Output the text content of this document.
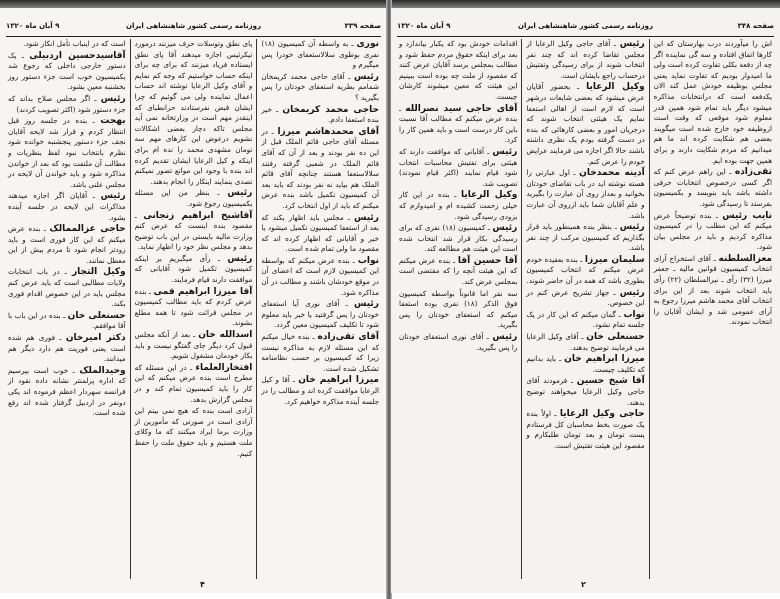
صفحه ۳۳۹
روزنامه رسمی کشور شاهنشاهی ایران
۹ آبان ماه ۱۳۲۰

نوری ـ به واسطه آن کمیسیون (۱۸) نفری بوطوی سلالاستعفای خودرا پس میگیرم و

رئیس ـ آقای حاجی محمد کریمخان شمامم بطریه استعفای خودتان را پس بگیرید ؟

حاجی محمد کریمخان ـ خیر بنده استعفا دادم.

آقای محمدهاشم میرزا ـ در مسئله آقای حاجی قائم الملک قبل از این ده نفر بودند و بعد از آن که آقای قائم الملک در شعبی گرفته رفتند سلالاستعفا هستند چنانچه آقای قائم الملک هم بیاید نه نفر بودند که باید بعد آن کمیسیون تکمیل باشد بنده عرض میکنم که باید از اول انتخاب کرد.

رئیس ـ مجلس باید اظهار بکند که بعد از استعفا کمیسیون تکمیل میشود یا خیر و آقایانی که اظهار کرده اند که مقصود ما ولی تمام شده است.

نواب ـ بنده عرض میکنم که بواسطه این کمیسیون لازم است که اعضای آن در موقع خودشان باشند و مطالب در آن مذاکره شود.

رئیس ـ آقای نوری آیا استعفای خودتان را پس گرفتید یا خیر باید معلوم شود تا تکلیف کمیسیون معین گردد.

آقای تقی‌زاده ـ بنده خیال میکنم که این مسئله لازم به مذاکره نیست زیرا که کمیسیون بر حسب نظامنامه تشکیل شده است.

میرزا ابراهیم خان ـ آقا و کیل الرعایا موافقت کرده اند و مطالب را در جلسه آینده مذاکره خواهیم کرد.

پای نطق وتوسلات حرف میزنند درمورد تیکرئیس اجازه میدهند آقا پای نطق ایستاده فریاد میزنند که برای چه برای اینکه حساب خواستیم که وجه کم نمایم و آقای وکیل الرعایا نوشته اند حساب اعمال نماینده ولی می گوئیم که چرا ایشان قبض نفرستادند حرانطبای که اینقدر مهم است در وزارتخانه نمی آید مجلس تاکه دچار بعضی اشکالات نشویم درعوض این کارهای مهم سه تومان مشهدی محمد را نده ام برای اینکه و کیل الرعایا ایشان تقدیم کرده اند بنده با وجود این موانع تصور نمیکنم تصدی بنمایند اینکار را انجام بدهند.

رئیس ـ بنظر من این مسئله بکمیسیون رجوع شود.

آقاشیخ ابراهیم زنجانی ـ مقصود بنده اینست که عرض کنم وزارت مالیه بایستی در این باب توضیح بدهد و مجلس نظر خود را اظهار نماید.

رئیس ـ رأی میگیریم بر اینکه کمیسیون تکمیل شود آقایانی که موافقت دارند قیام فرمایند.

آقا میرزا ابراهیم قمی ـ بنده عرض کردم که باید مطالب کمیسیون در مجلس قرائت شود تا همه مطلع بشوند.

اسدالله خان ـ بعد از آنکه مجلس قبول کرد دیگر جای گفتگو نیست و باید بکار خودمان مشغول شویم.

افتخارالعلماء ـ در این مسئله که مطرح است بنده عرض میکنم که این کار را باید کمیسیون تمام کند و در مجلس گزارش بدهد.

آزادی است بنده که هیچ نمی بینم این آزادی است در صورتی که مأمورین از وزارت برما ایراد میکنند که ما وکلای ملت هستیم و باید حقوق ملت را حفظ کنیم.

است که در اینباب تأمل انکار شود.

آقاسیدحسین اردبیلی ـ یک دستور خارجی داخلی که رجوع شد بکمیسیون خوب است جزء دستور روز بخشنبه معین بشود.

رئیس ـ اگر مجلس صلاح بداند که جزء دستور شود (اکثر تصویب کردند)

بهجت ـ بنده در جلسه روز قبل انتظار کردم و قرار شد لایحه آقایان نجف جزء دستور پنجشنبه خوانده شود نظرم بانتخاب نبود لفظ بنظریات و مطالب آن ملتفت بود که بعد از خواندن مذاکره شود و باید خواندن آن لایحه در مجلس علنی باشد.

رئیس ـ آقایان اگر اجازه میدهند مذاکرات این لایحه در جلسه آینده بشود.

حاجی عزالممالک ـ بنده عرض میکنم که این کار فوری است و باید زودتر انجام شود تا مردم بیش از این معطل نمانند.

وکیل التجار ـ در باب انتخابات ولایات مطالبی است که باید عرض کنم مجلس باید در این خصوص اقدام فوری بکند.

حسنعلی خان ـ بنده در این باب با آقا موافقم.

دکتر امیرخان ـ فوری هم شده است یعنی فوریت هم دارد دیگر هم میدانند.

وحیدالملک ـ خوب است بپرسیم که اداره پرلمنتر نشانه داده نقود از فرانسه سهردار اعظم فرموده اند یکی دونفر در اردبیل گرفتار شده اند رفع شده است.

۴
صفحه ۳۴۸
روزنامه رسمی کشور شاهنشاهی ایران
۹ آبان ماه ۱۳۲۰

اش را میآوردند درب بهارستان که این کارها اتفاق افتاده و سه گی نماینده اگر چه از دفعه بکلی تفاوت کرده است ولی ما امیدوار بودیم که تفاوت نماید یعنی مجلس بوظیفه خودش عمل کند الان یکدفعه است که درانتخابات مذاکره میشود دیگر باید تمام شود همین قدر معلوم شود موقعی که وقت است ازوظیفه خود خارج شده است میگویند بعضی هم شکایت کرده اند ما هم میدانیم که مردم شکایت دارند و برای همین جهت بوده ایم.

تقی‌زاده ـ این راهم عرض کنم که اگر کسی درخصوص انتخابات حرفی داشته باشد باید بنویسد و بکمیسیون بفرستد تا رسیدگی شود.

نایب رئیس ـ بنده توضیحاً عرض میکنم که این مطلب را در کمیسیون مذاکره کردیم و باید در مجلس بیان شود.

معزالسلطنه ـ آقای استخراج آرای انتخاب کمیسیون قوانین مالیه ـ جعفر میرزا (۳۲) رأی ـ نیرالسلطان (۲۲) رأی باید انتخاب شوند بعد از این برای انتخاب آقای محمد هاشم میرزا رجوع به آرای عمومی شد و ایشان آقایان را انتخاب نمودند.

رئیس ـ آقای حاجی وکیل الرعایا از مجلس تقاضا کرده اند که چند نفر انتخاب شوند از برای رسیدگی وتفتیش درحساب راجع بایشان است.

وکیل الرعایا ـ بحضور آقایان عرض میشود که بعضی شایعات درشهر است که لازم است از اهالی استعفا نمایم یک هیئتی انتخاب شوند که درجریان امور و بعضی کارهائی که بنده در دست گرفته بودم یک نظری داشته باشند حالا اگر اجازه می فرمایند عرایض خودم را عرض کنم.

آدینه محمدخان ـ اول عبارتی را هسته نوشته اید در باب تقاضای خودتان بخوانید و بعداز روی آن عبارت را بگیرید و علم آقایان شما باید ازروی آن عبارت باشد.

رئیس ـ بنظر بنده همینطور باید قرار بگذاریم که کمیسیون مرکب از چند نفر باشد.

سلیمان میرزا ـ بنده بعقیده خودم عرض میکنم که انتخاب کمیسیون بطوری باشد که همه در آن حاضر شوند.

رئیس ـ جهاز تشریح عرض کنم در این خصوص.

نواب ـ گمان میکنم که این کار در یک جلسه تمام نشود.

حسنعلی خان ـ آقای وکیل الرعایا می فرمایند توضیح بدهند.

میرزا ابراهیم خان ـ باید بدانیم که تکلیف چیست.

آقا شیخ حسین ـ فرمودند آقای حاجی وکیل الرعایا میخواهند توضیح بدهند.

حاجی وکیل الرعایا ـ اولاً بنده یک صورت بخط محاسبان کل فرستادم پست تومان و بعد تومان طلبکارم و مقصود این هیئت تفتیش است.

اقدامات خودش بود که یکبار بیاندازد و بعد برای اینکه حقوق مردم حفظ شود و مطالب بمجلس برسد آقایان عرض کنند که مقصود از ملت چه بوده است ببینیم این هیئت که معین میشوند کارشان چیست.

آقای حاجی سید نصرالله ـ بنده عرض میکنم که مطالب آقا نسبت باین کار درست است و باید همین کار را کرد.

رئیس ـ آقایانی که موافقت دارند که هیئتی برای تفتیش محاسبات انتخاب شود قیام نمایند (اکثر قیام نمودند) تصویب شد.

وکیل الرعایا ـ بنده در این کار خیلی زحمت کشیده ام و امیدوارم که بزودی رسیدگی شود.

رئیس ـ کمیسیون (۱۸) نفری که برای رسیدگی بکار قرار شد انتخاب شده است این هیئت هم مطالعه کند.

آقا حسین آقا ـ بنده عرض میکنم که این هیئت آنچه را که مقتضی است بمجلس عرض کند.

سه نفر اما قانوناً بواسطه کمیسیون فوق الذکر (۱۸) نفری بوده استعفا میکنم که استعفای خودتان را پس بگیرید.

رئیس ـ آقای نوری استعفای خودتان را پس بگیرید.

۲
